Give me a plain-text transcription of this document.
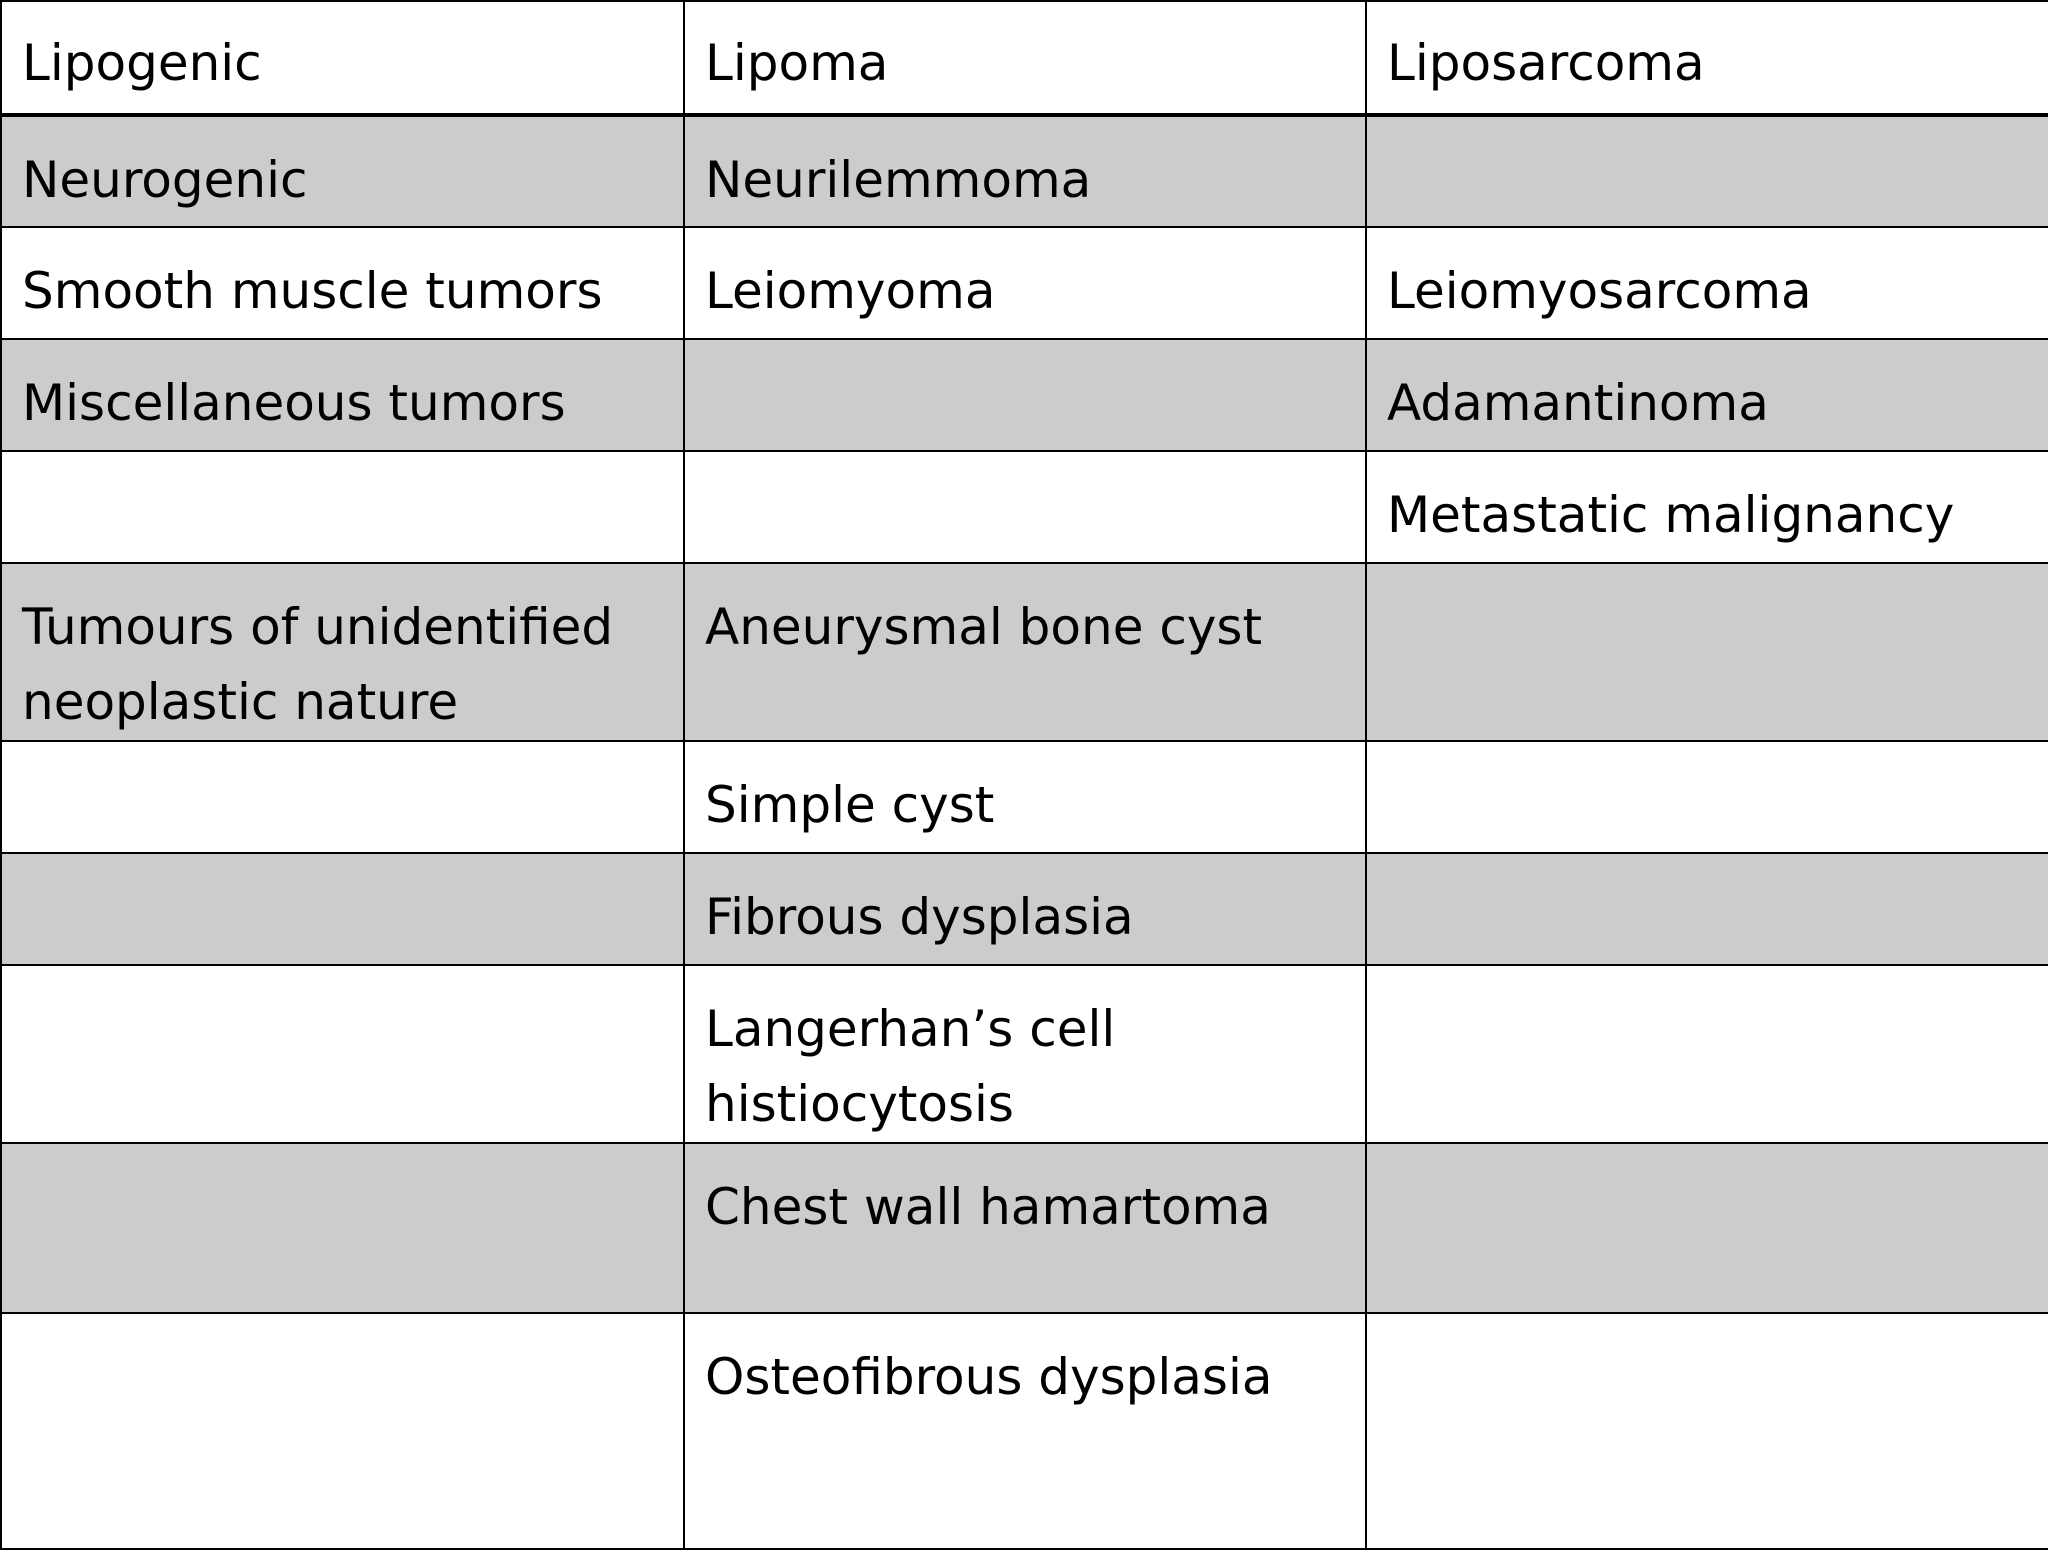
Lipogenic	Lipoma	Liposarcoma
Neurogenic	Neurilemmoma	
Smooth muscle tumors	Leiomyoma	Leiomyosarcoma
Miscellaneous tumors		Adamantinoma
		Metastatic malignancy
Tumours of unidentified neoplastic nature	Aneurysmal bone cyst	
	Simple cyst	
	Fibrous dysplasia	
	Langerhan’s cell histiocytosis	
	Chest wall hamartoma	
	Osteofibrous dysplasia	
